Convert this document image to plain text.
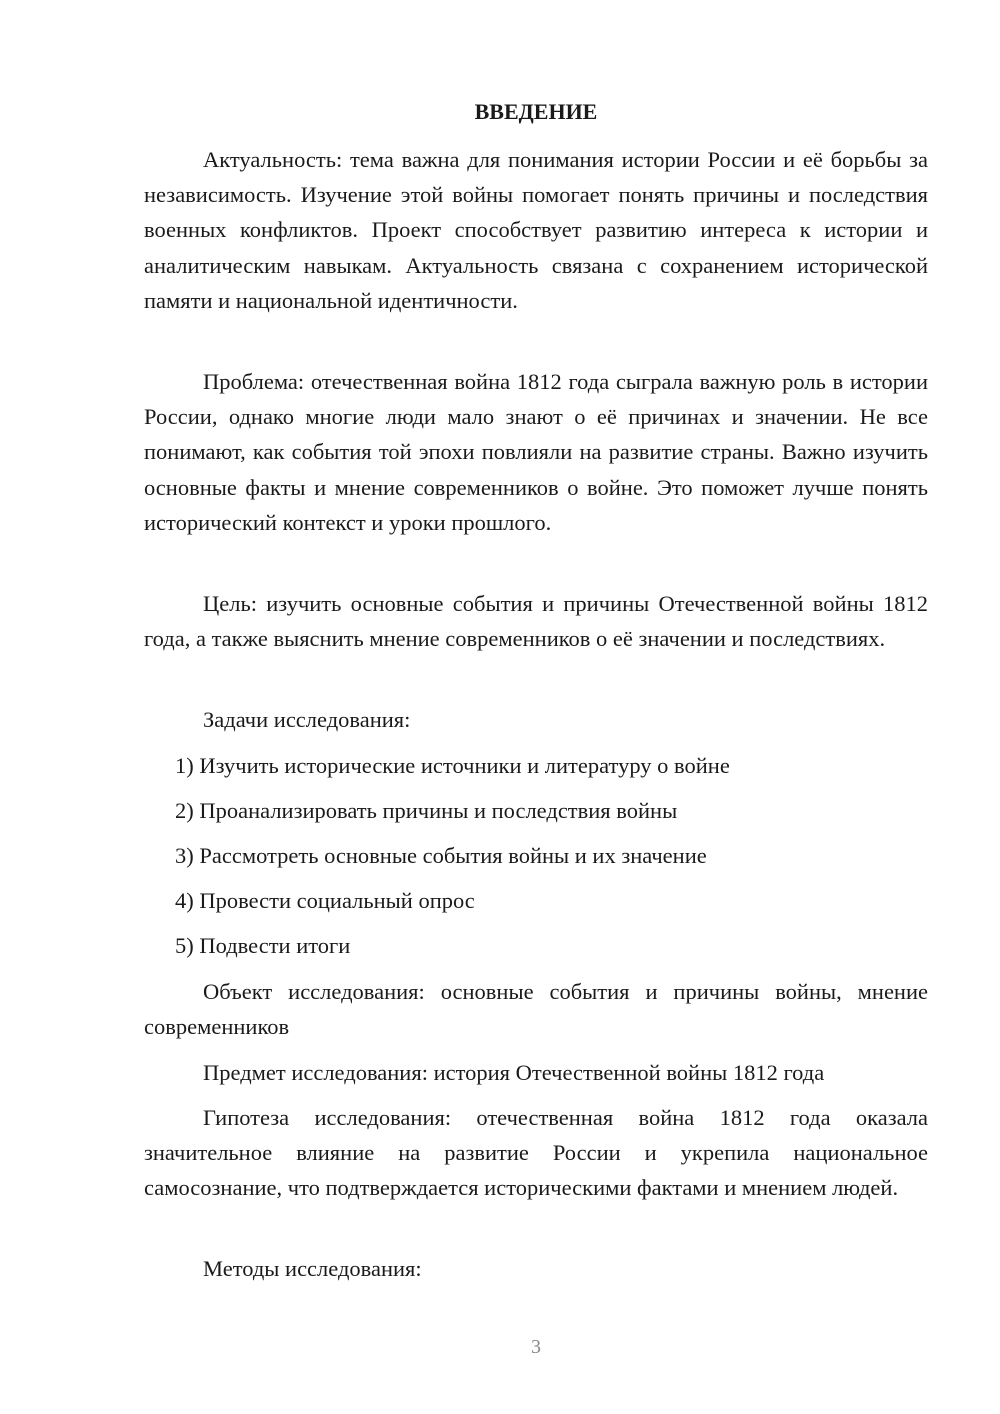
ВВЕДЕНИЕ

Актуальность: тема важна для понимания истории России и её борьбы за независимость. Изучение этой войны помогает понять причины и последствия военных конфликтов. Проект способствует развитию интереса к истории и аналитическим навыкам. Актуальность связана с сохранением исторической памяти и национальной идентичности.

Проблема: отечественная война 1812 года сыграла важную роль в истории России, однако многие люди мало знают о её причинах и значении. Не все понимают, как события той эпохи повлияли на развитие страны. Важно изучить основные факты и мнение современников о войне. Это поможет лучше понять исторический контекст и уроки прошлого.

Цель: изучить основные события и причины Отечественной войны 1812 года, а также выяснить мнение современников о её значении и последствиях.

Задачи исследования:

1) Изучить исторические источники и литературу о войне

2) Проанализировать причины и последствия войны

3) Рассмотреть основные события войны и их значение

4) Провести социальный опрос

5) Подвести итоги

Объект исследования: основные события и причины войны, мнение современников

Предмет исследования: история Отечественной войны 1812 года

Гипотеза исследования: отечественная война 1812 года оказала значительное влияние на развитие России и укрепила национальное самосознание, что подтверждается историческими фактами и мнением людей.

Методы исследования:

3
